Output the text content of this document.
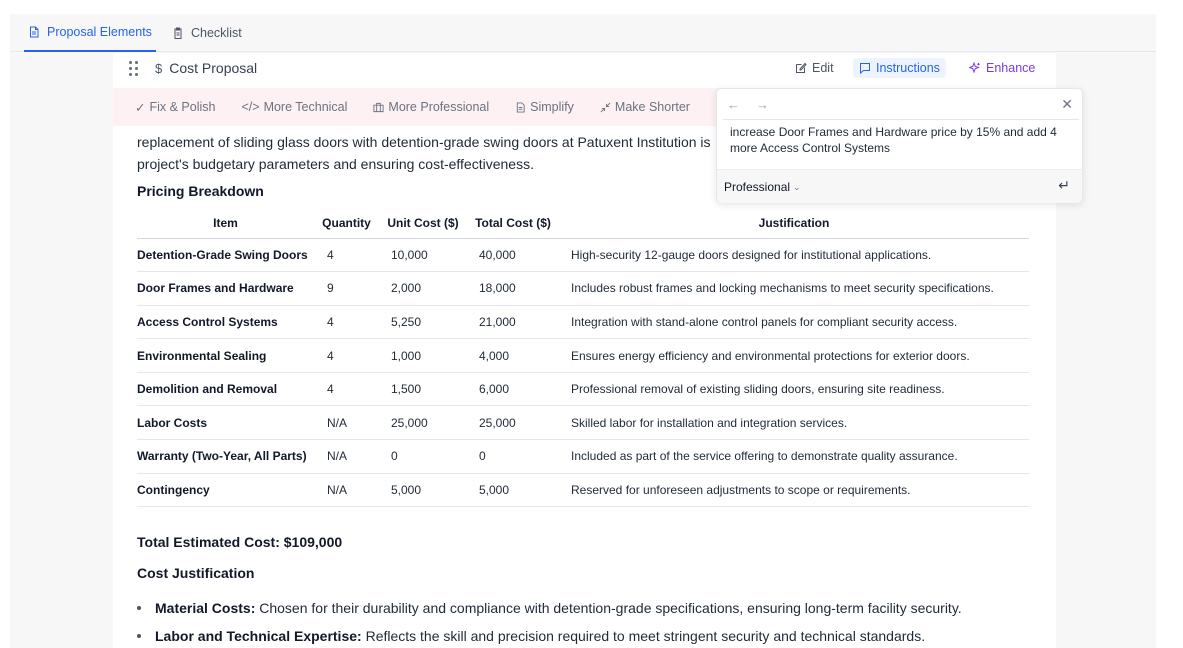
Proposal Elements	Checklist
$ Cost Proposal	Edit	Instructions	Enhance
✓ Fix & Polish </> More Technical	More Professional	Simplify	Make Shorter

replacement of sliding glass doors with detention-grade swing doors at Patuxent Institution is

project's budgetary parameters and ensuring cost-effectiveness.

Pricing Breakdown
Item	Quantity	Unit Cost ($)	Total Cost ($)	Justification
Detention-Grade Swing Doors	4	10,000	40,000	High-security 12-gauge doors designed for institutional applications.
Door Frames and Hardware	9	2,000	18,000	Includes robust frames and locking mechanisms to meet security specifications.
Access Control Systems	4	5,250	21,000	Integration with stand-alone control panels for compliant security access.
Environmental Sealing	4	1,000	4,000	Ensures energy efficiency and environmental protections for exterior doors.
Demolition and Removal	4	1,500	6,000	Professional removal of existing sliding doors, ensuring site readiness.
Labor Costs	N/A	25,000	25,000	Skilled labor for installation and integration services.
Warranty (Two-Year, All Parts)	N/A	0	0	Included as part of the service offering to demonstrate quality assurance.
Contingency	N/A	5,000	5,000	Reserved for unforeseen adjustments to scope or requirements.
Total Estimated Cost: $109,000
Cost Justification
Material Costs: Chosen for their durability and compliance with detention-grade specifications, ensuring long-term facility security.
Labor and Technical Expertise: Reflects the skill and precision required to meet stringent security and technical standards.
← →	✕
increase Door Frames and Hardware price by 15% and add 4 more Access Control Systems
Professional ⌄	↵
